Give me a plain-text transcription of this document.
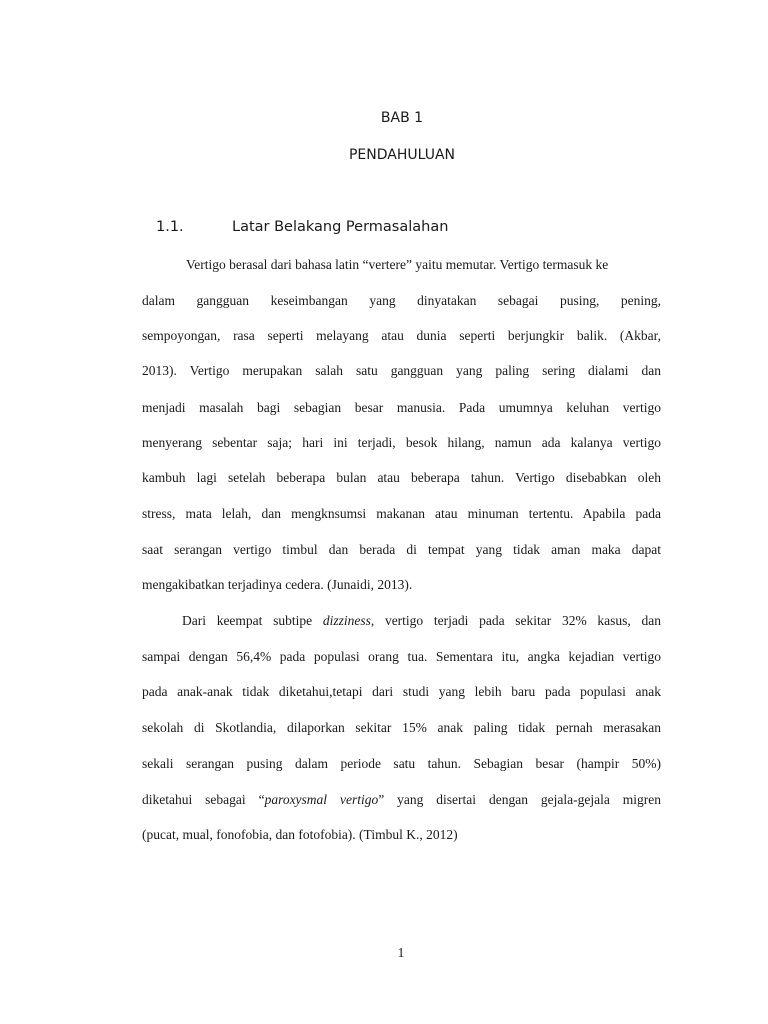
BAB 1
PENDAHULUAN
1.1.	Latar Belakang Permasalahan
Vertigo berasal dari bahasa latin “vertere” yaitu memutar. Vertigo termasuk ke
dalam gangguan keseimbangan yang dinyatakan sebagai pusing, pening,
sempoyongan, rasa seperti melayang atau dunia seperti berjungkir balik. (Akbar,
2013). Vertigo merupakan salah satu gangguan yang paling sering dialami dan
menjadi masalah bagi sebagian besar manusia. Pada umumnya keluhan vertigo
menyerang sebentar saja; hari ini terjadi, besok hilang, namun ada kalanya vertigo
kambuh lagi setelah beberapa bulan atau beberapa tahun. Vertigo disebabkan oleh
stress, mata lelah, dan mengknsumsi makanan atau minuman tertentu. Apabila pada
saat serangan vertigo timbul dan berada di tempat yang tidak aman maka dapat
mengakibatkan terjadinya cedera. (Junaidi, 2013).
Dari keempat subtipe dizziness, vertigo terjadi pada sekitar 32% kasus, dan
sampai dengan 56,4% pada populasi orang tua. Sementara itu, angka kejadian vertigo
pada anak-anak tidak diketahui,tetapi dari studi yang lebih baru pada populasi anak
sekolah di Skotlandia, dilaporkan sekitar 15% anak paling tidak pernah merasakan
sekali serangan pusing dalam periode satu tahun. Sebagian besar (hampir 50%)
diketahui sebagai “paroxysmal vertigo” yang disertai dengan gejala-gejala migren
(pucat, mual, fonofobia, dan fotofobia). (Timbul K., 2012)
1
